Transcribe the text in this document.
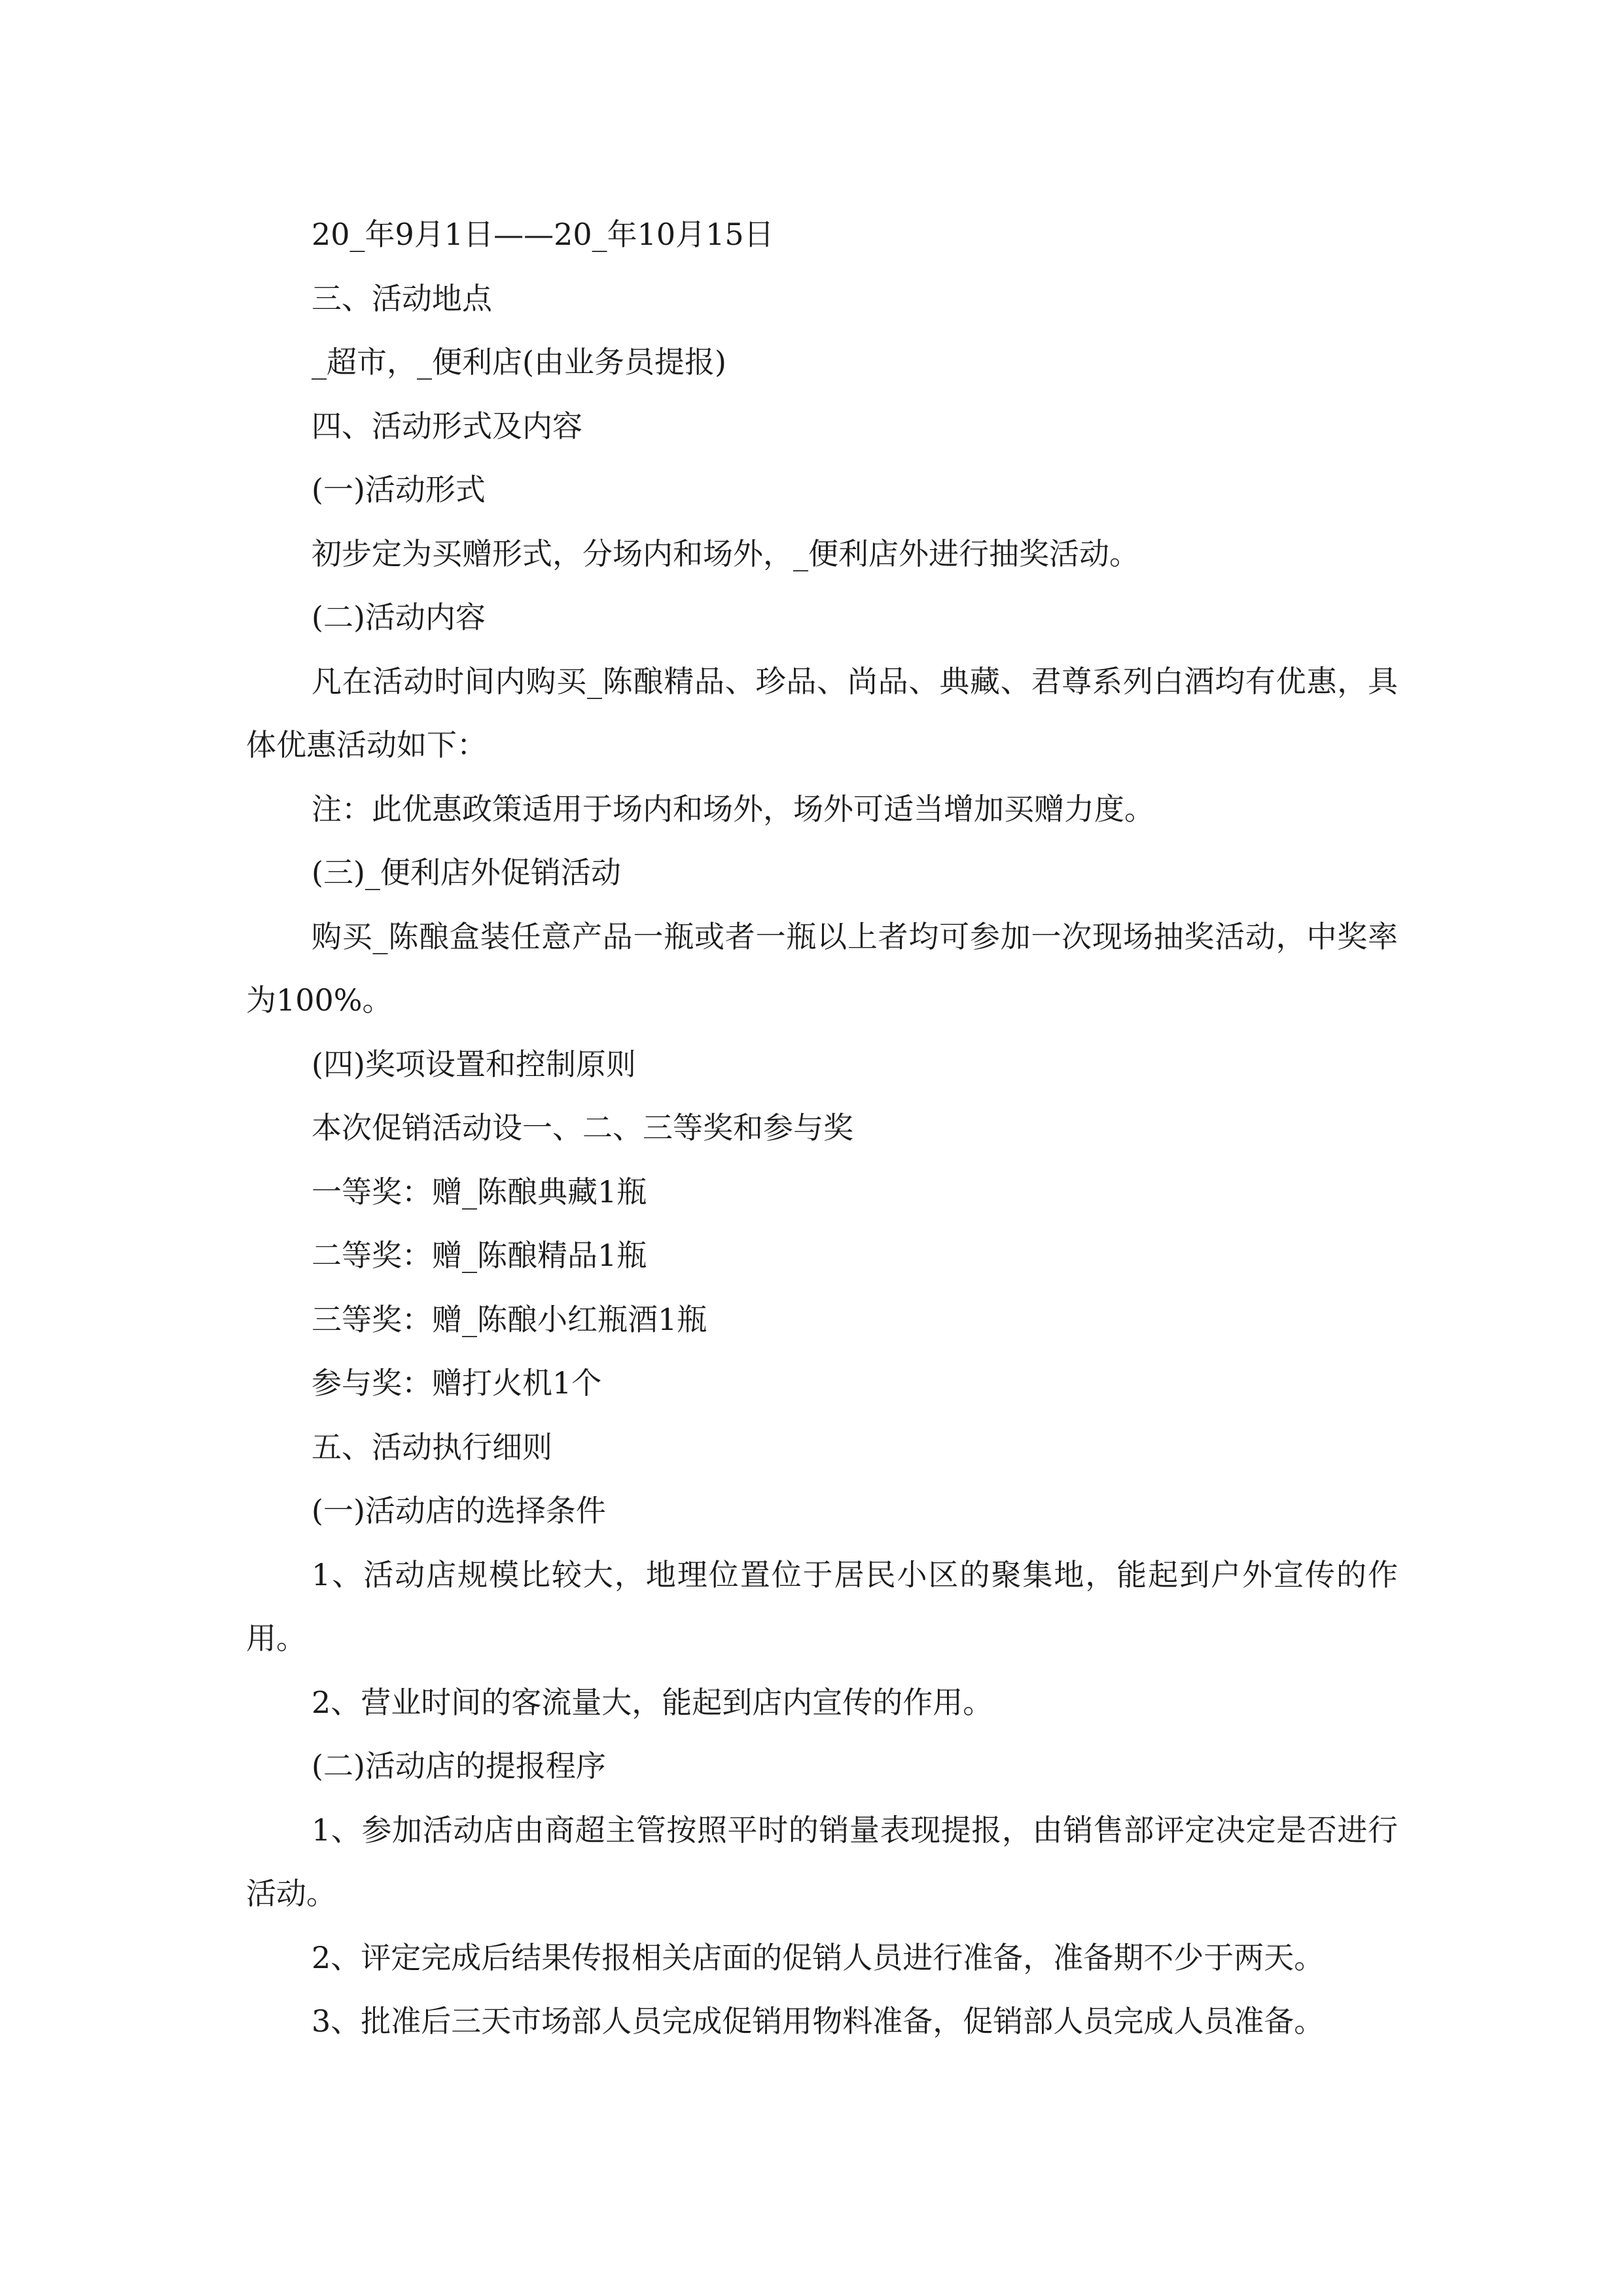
20_年9月1日——20_年10月15日

三、活动地点

_超市，_便利店(由业务员提报)

四、活动形式及内容

(一)活动形式

初步定为买赠形式，分场内和场外，_便利店外进行抽奖活动。

(二)活动内容

凡在活动时间内购买_陈酿精品、珍品、尚品、典藏、君尊系列白酒均有优惠，具体优惠活动如下：

注：此优惠政策适用于场内和场外，场外可适当增加买赠力度。

(三)_便利店外促销活动

购买_陈酿盒装任意产品一瓶或者一瓶以上者均可参加一次现场抽奖活动，中奖率为100%。

(四)奖项设置和控制原则

本次促销活动设一、二、三等奖和参与奖

一等奖：赠_陈酿典藏1瓶

二等奖：赠_陈酿精品1瓶

三等奖：赠_陈酿小红瓶酒1瓶

参与奖：赠打火机1个

五、活动执行细则

(一)活动店的选择条件

1、活动店规模比较大，地理位置位于居民小区的聚集地，能起到户外宣传的作用。

2、营业时间的客流量大，能起到店内宣传的作用。

(二)活动店的提报程序

1、参加活动店由商超主管按照平时的销量表现提报，由销售部评定决定是否进行活动。

2、评定完成后结果传报相关店面的促销人员进行准备，准备期不少于两天。

3、批准后三天市场部人员完成促销用物料准备，促销部人员完成人员准备。
